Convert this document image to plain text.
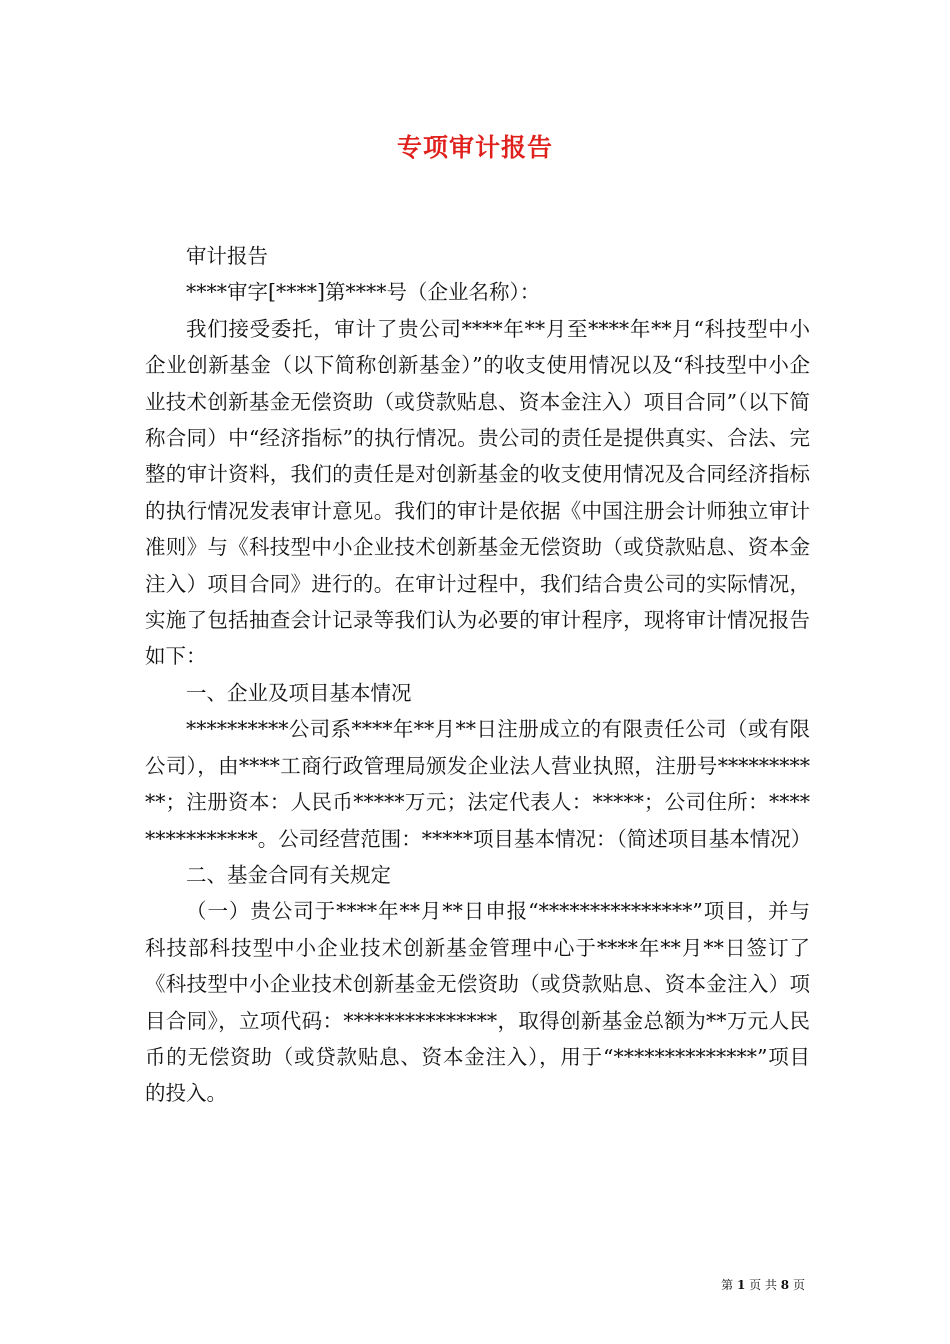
专项审计报告

审计报告

****审字[****]第****号（企业名称）：

我们接受委托，审计了贵公司****年**月至****年**月“科技型中小企业创新基金（以下简称创新基金）”的收支使用情况以及“科技型中小企业技术创新基金无偿资助（或贷款贴息、资本金注入）项目合同”（以下简称合同）中“经济指标”的执行情况。贵公司的责任是提供真实、合法、完整的审计资料，我们的责任是对创新基金的收支使用情况及合同经济指标的执行情况发表审计意见。我们的审计是依据《中国注册会计师独立审计准则》与《科技型中小企业技术创新基金无偿资助（或贷款贴息、资本金注入）项目合同》进行的。在审计过程中，我们结合贵公司的实际情况，实施了包括抽查会计记录等我们认为必要的审计程序，现将审计情况报告如下：

一、企业及项目基本情况

**********公司系****年**月**日注册成立的有限责任公司（或有限公司），由****工商行政管理局颁发企业法人营业执照，注册号***********；注册资本：人民币*****万元；法定代表人：*****；公司住所：***************。公司经营范围：*****项目基本情况：（简述项目基本情况）

二、基金合同有关规定

（一）贵公司于****年**月**日申报“***************”项目，并与科技部科技型中小企业技术创新基金管理中心于****年**月**日签订了《科技型中小企业技术创新基金无偿资助（或贷款贴息、资本金注入）项目合同》，立项代码：***************，取得创新基金总额为**万元人民币的无偿资助（或贷款贴息、资本金注入），用于“**************”项目的投入。

第 1 页 共 8 页
